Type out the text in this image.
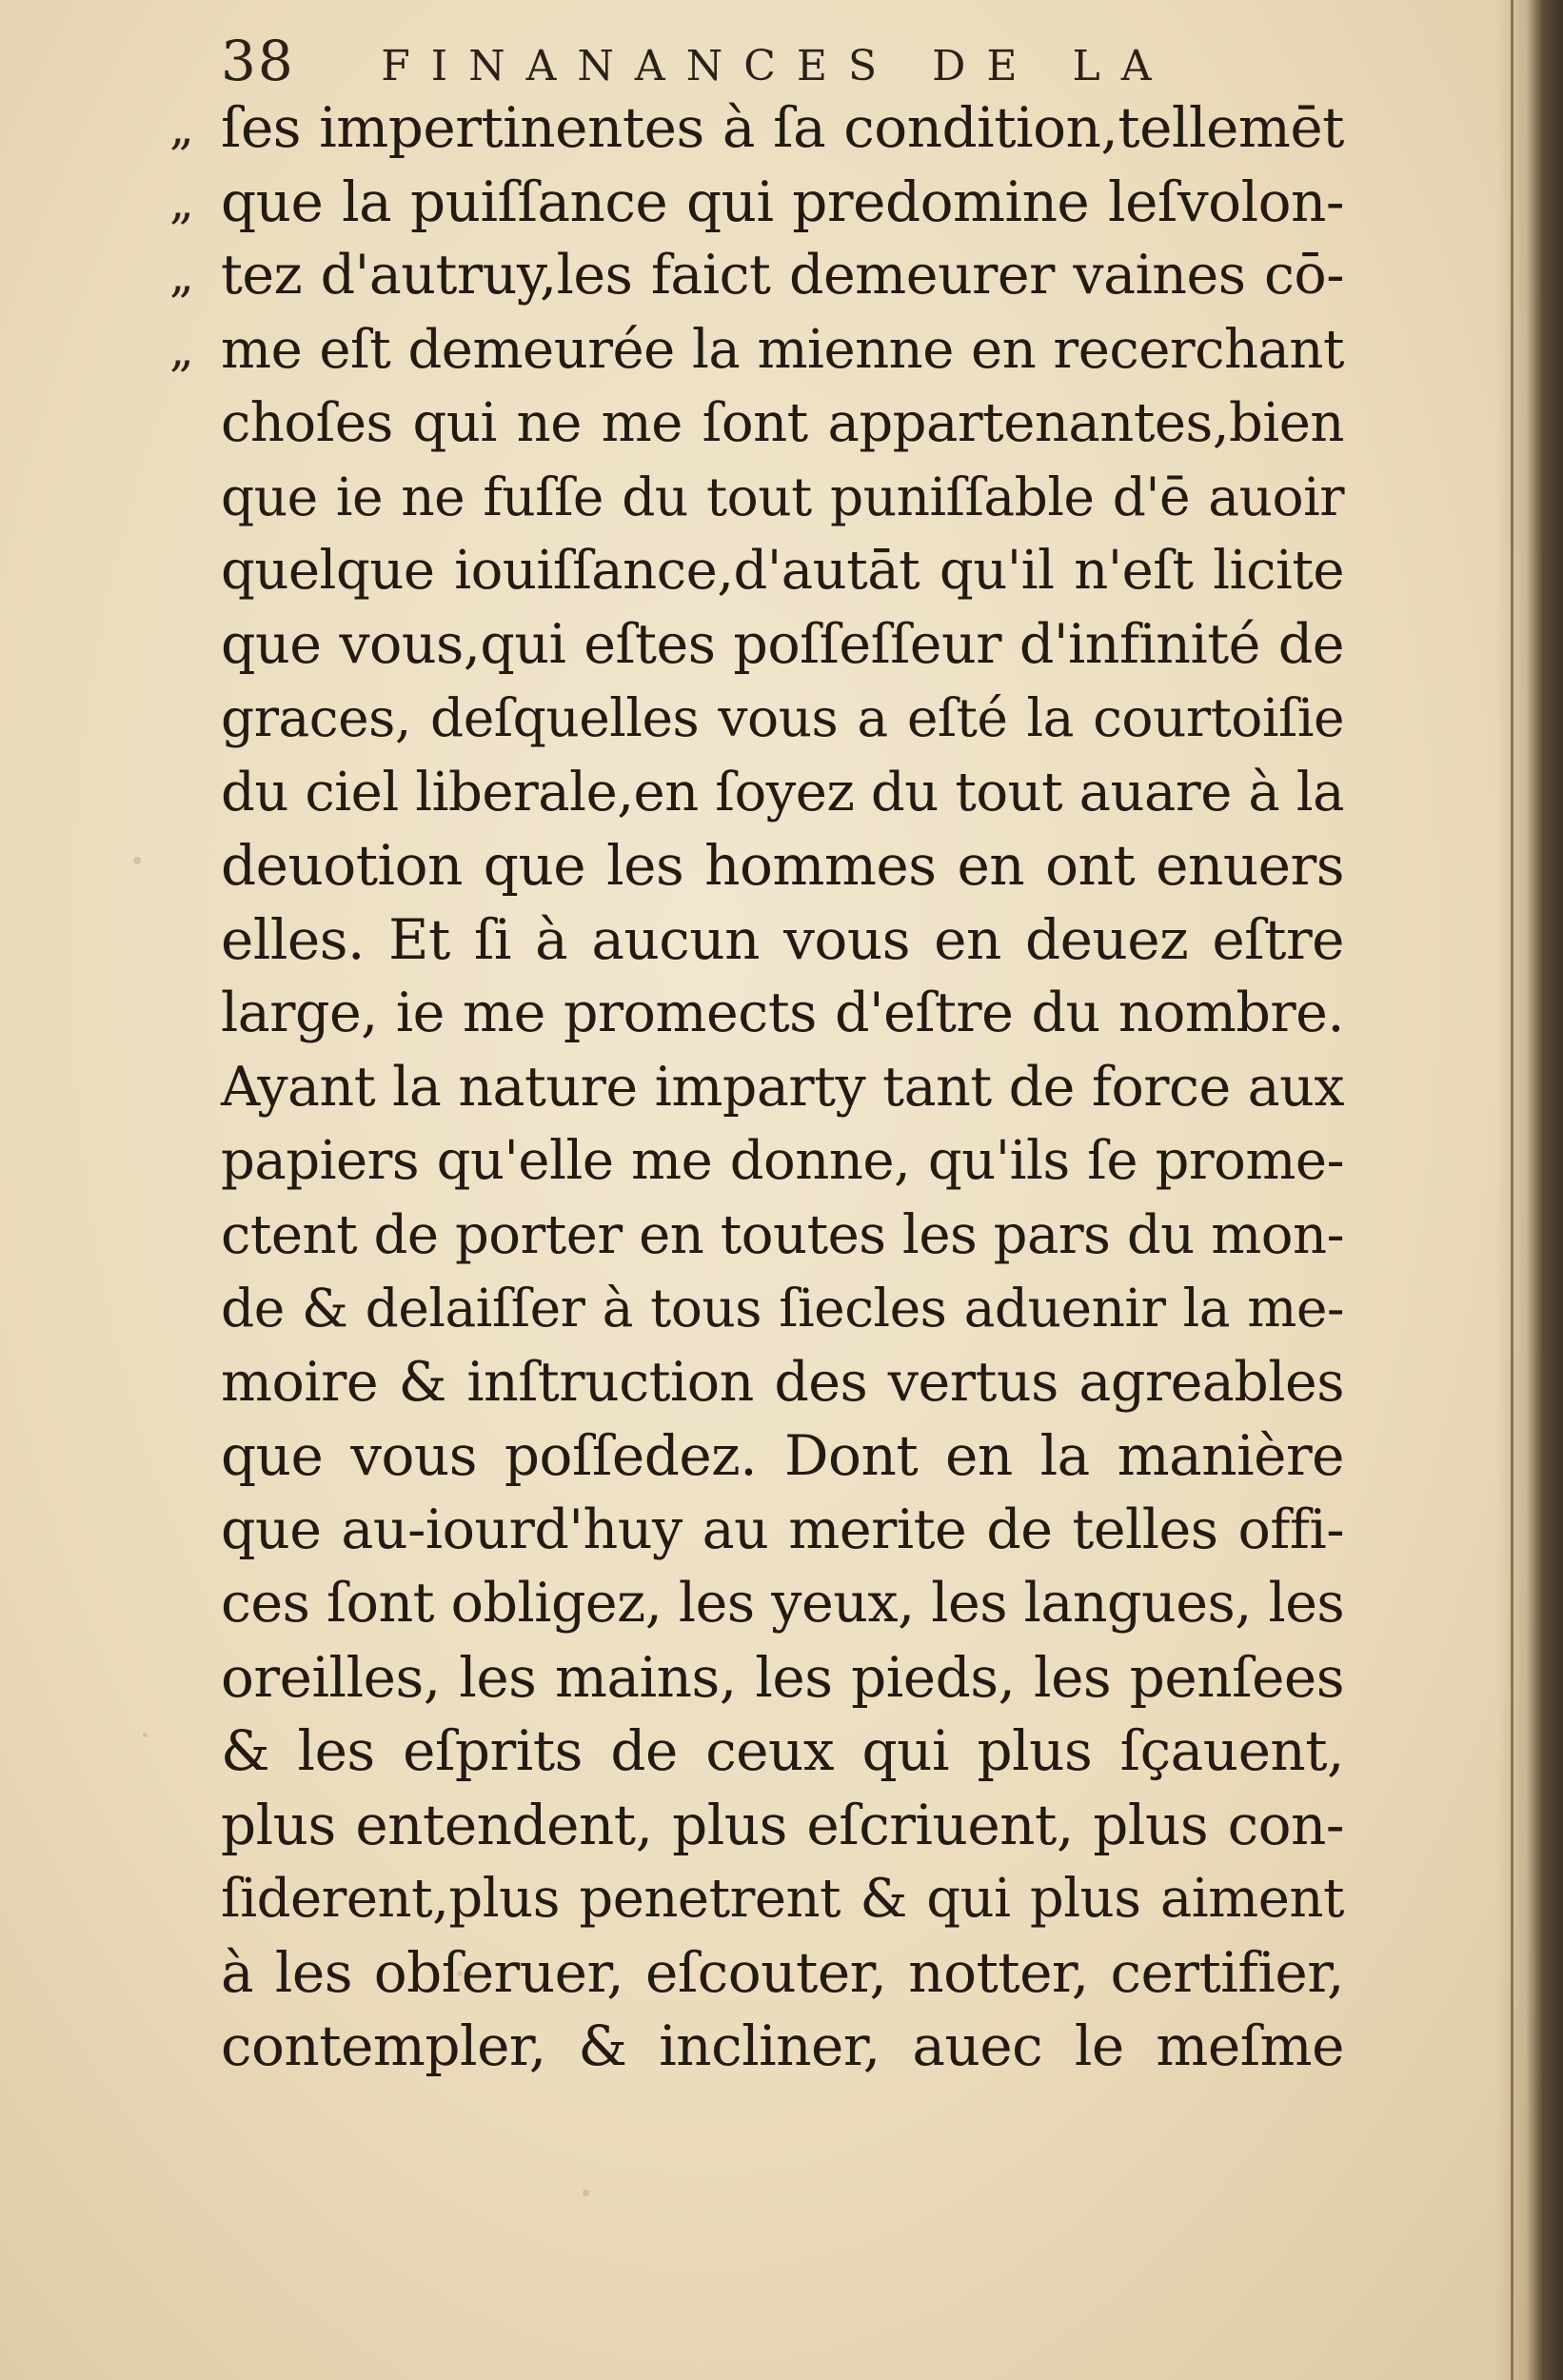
38 FINANANCES DE LA
„
„
„
„
ſes impertinentes à ſa condition,tellemēt
que la puiſſance qui predomine leſvolon-
tez d'autruy,les faict demeurer vaines cō-
me eſt demeurée la mienne en recerchant
choſes qui ne me ſont appartenantes,bien
que ie ne fuſſe du tout puniſſable d'ē auoir
quelque iouiſſance,d'autāt qu'il n'eſt licite
que vous,qui eſtes poſſeſſeur d'infinité de
graces, deſquelles vous a eſté la courtoiſie
du ciel liberale,en ſoyez du tout auare à la
deuotion que les hommes en ont enuers
elles. Et ſi à aucun vous en deuez eſtre
large, ie me promects d'eſtre du nombre.
Ayant la nature imparty tant de force aux
papiers qu'elle me donne, qu'ils ſe prome-
ctent de porter en toutes les pars du mon-
de & delaiſſer à tous ſiecles aduenir la me-
moire & inſtruction des vertus agreables
que vous poſſedez. Dont en la manière
que au-iourd'huy au merite de telles offi-
ces ſont obligez, les yeux, les langues, les
oreilles, les mains, les pieds, les penſees
& les eſprits de ceux qui plus ſçauent,
plus entendent, plus eſcriuent, plus con-
ſiderent,plus penetrent & qui plus aiment
à les obſeruer, eſcouter, notter, certifier,
contempler, & incliner, auec le meſme
